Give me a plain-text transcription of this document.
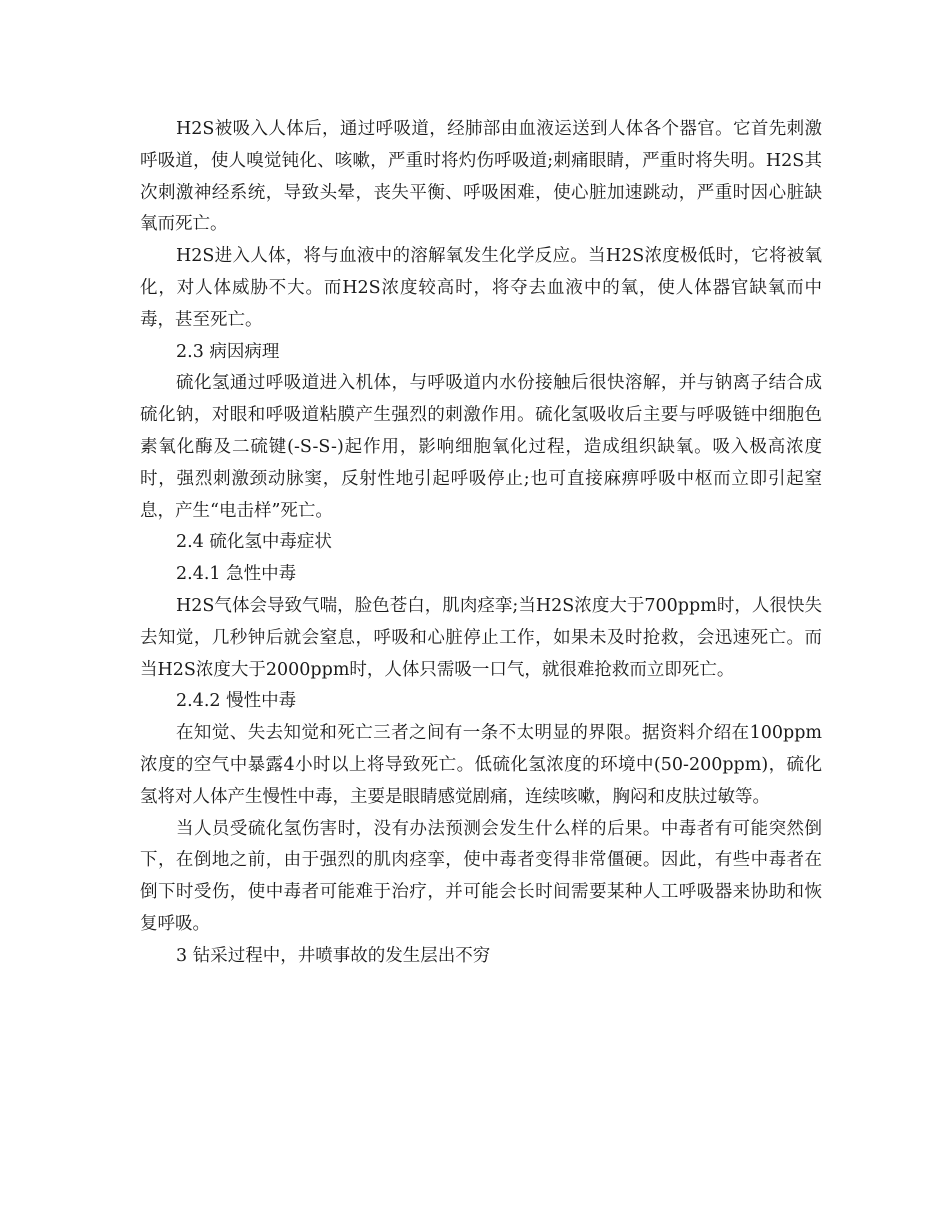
H2S被吸入人体后，通过呼吸道，经肺部由血液运送到人体各个器官。它首先刺激呼吸道，使人嗅觉钝化、咳嗽，严重时将灼伤呼吸道;刺痛眼睛，严重时将失明。H2S其次刺激神经系统，导致头晕，丧失平衡、呼吸困难，使心脏加速跳动，严重时因心脏缺氧而死亡。

H2S进入人体，将与血液中的溶解氧发生化学反应。当H2S浓度极低时，它将被氧化，对人体威胁不大。而H2S浓度较高时，将夺去血液中的氧，使人体器官缺氧而中毒，甚至死亡。

2.3 病因病理

硫化氢通过呼吸道进入机体，与呼吸道内水份接触后很快溶解，并与钠离子结合成硫化钠，对眼和呼吸道粘膜产生强烈的刺激作用。硫化氢吸收后主要与呼吸链中细胞色素氧化酶及二硫键(-S-S-)起作用，影响细胞氧化过程，造成组织缺氧。吸入极高浓度时，强烈刺激颈动脉窦，反射性地引起呼吸停止;也可直接麻痹呼吸中枢而立即引起窒息，产生“电击样”死亡。

2.4 硫化氢中毒症状

2.4.1 急性中毒

H2S气体会导致气喘，脸色苍白，肌肉痉挛;当H2S浓度大于700ppm时，人很快失去知觉，几秒钟后就会窒息，呼吸和心脏停止工作，如果未及时抢救，会迅速死亡。而当H2S浓度大于2000ppm时，人体只需吸一口气，就很难抢救而立即死亡。

2.4.2 慢性中毒

在知觉、失去知觉和死亡三者之间有一条不太明显的界限。据资料介绍在100ppm浓度的空气中暴露4小时以上将导致死亡。低硫化氢浓度的环境中(50-200ppm)，硫化氢将对人体产生慢性中毒，主要是眼睛感觉剧痛，连续咳嗽，胸闷和皮肤过敏等。

当人员受硫化氢伤害时，没有办法预测会发生什么样的后果。中毒者有可能突然倒下，在倒地之前，由于强烈的肌肉痉挛，使中毒者变得非常僵硬。因此，有些中毒者在倒下时受伤，使中毒者可能难于治疗，并可能会长时间需要某种人工呼吸器来协助和恢复呼吸。

3 钻采过程中，井喷事故的发生层出不穷
